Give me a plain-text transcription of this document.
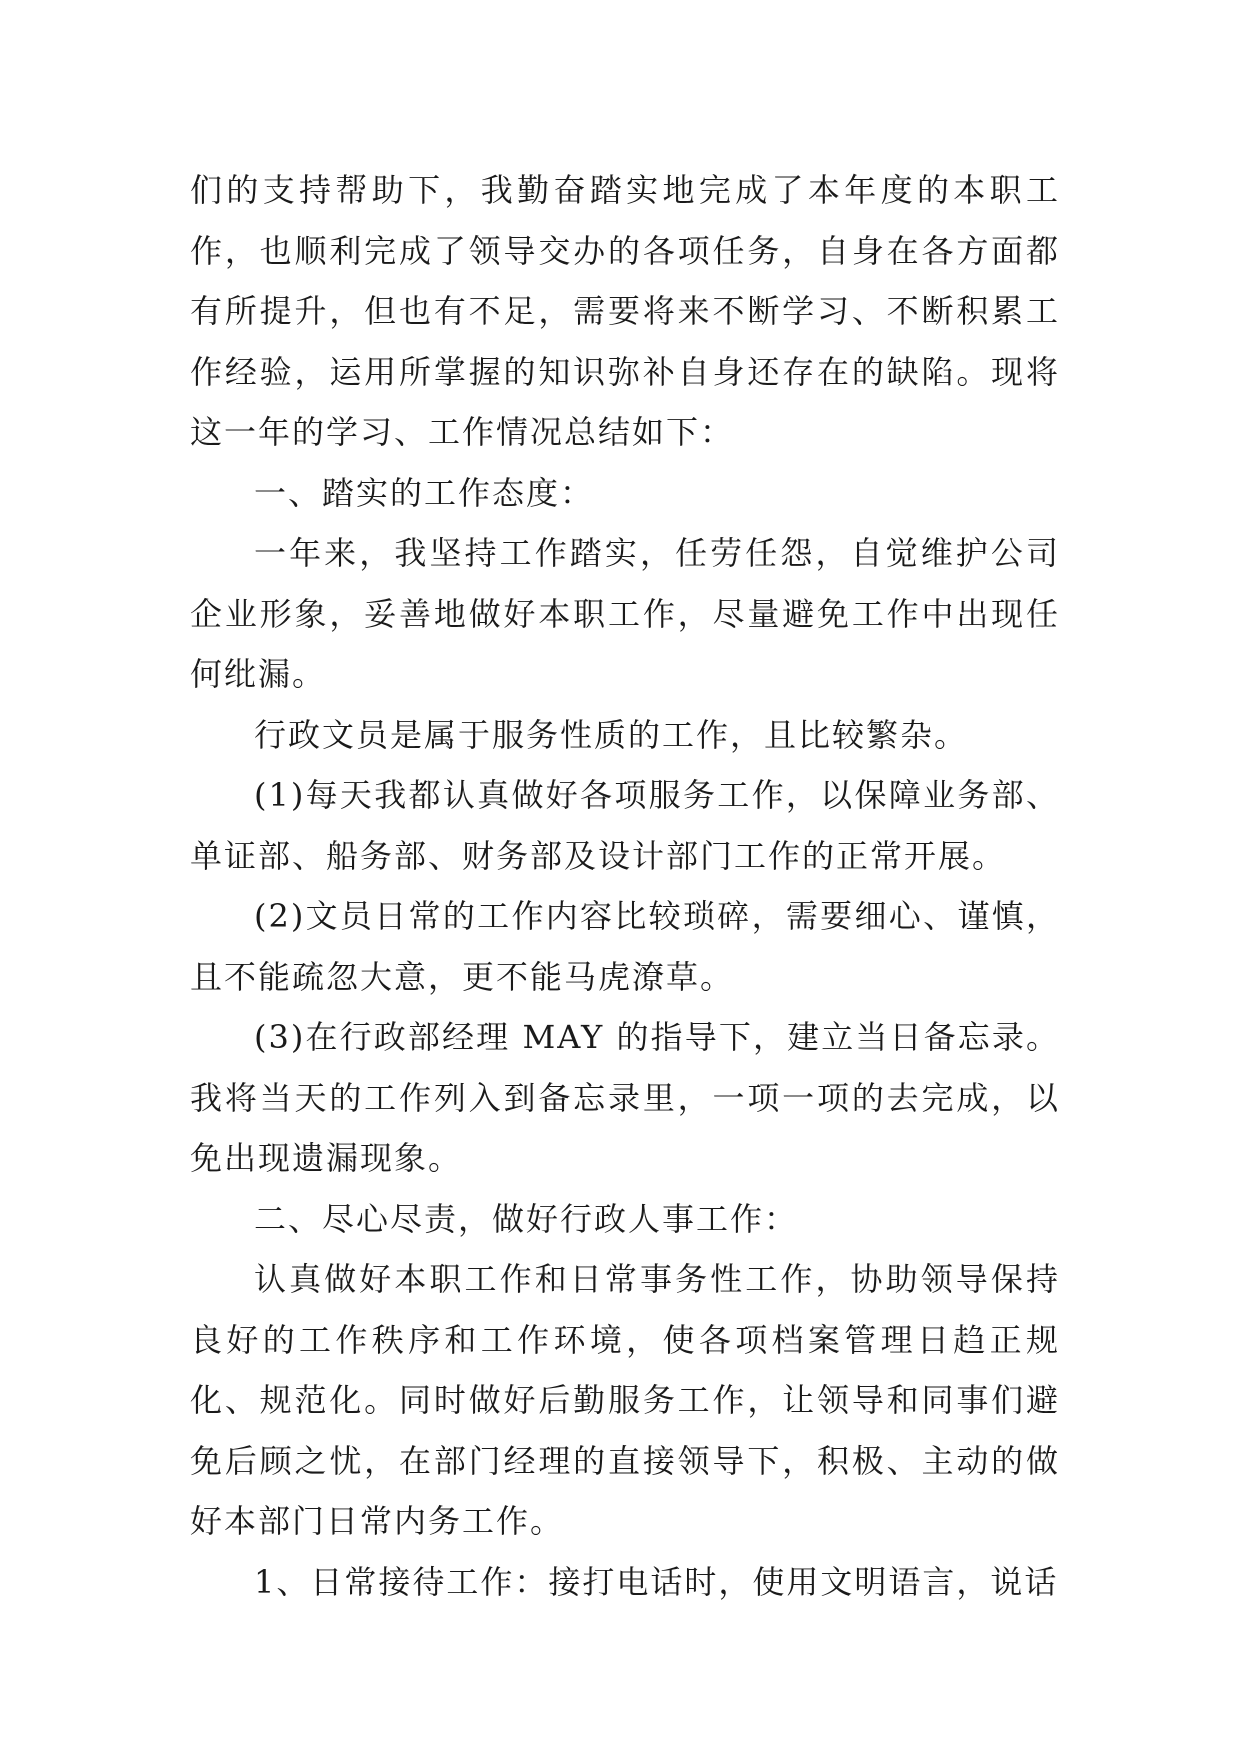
们的支持帮助下，我勤奋踏实地完成了本年度的本职工作，也顺利完成了领导交办的各项任务，自身在各方面都有所提升，但也有不足，需要将来不断学习、不断积累工作经验，运用所掌握的知识弥补自身还存在的缺陷。现将这一年的学习、工作情况总结如下：

一、踏实的工作态度：

一年来，我坚持工作踏实，任劳任怨，自觉维护公司企业形象，妥善地做好本职工作，尽量避免工作中出现任何纰漏。

行政文员是属于服务性质的工作，且比较繁杂。

(1)每天我都认真做好各项服务工作，以保障业务部、单证部、船务部、财务部及设计部门工作的正常开展。

(2)文员日常的工作内容比较琐碎，需要细心、谨慎，且不能疏忽大意，更不能马虎潦草。

(3)在行政部经理 MAY 的指导下，建立当日备忘录。我将当天的工作列入到备忘录里，一项一项的去完成，以免出现遗漏现象。

二、尽心尽责，做好行政人事工作：

认真做好本职工作和日常事务性工作，协助领导保持良好的工作秩序和工作环境，使各项档案管理日趋正规化、规范化。同时做好后勤服务工作，让领导和同事们避免后顾之忧，在部门经理的直接领导下，积极、主动的做好本部门日常内务工作。

1、日常接待工作：接打电话时，使用文明语言，说话
